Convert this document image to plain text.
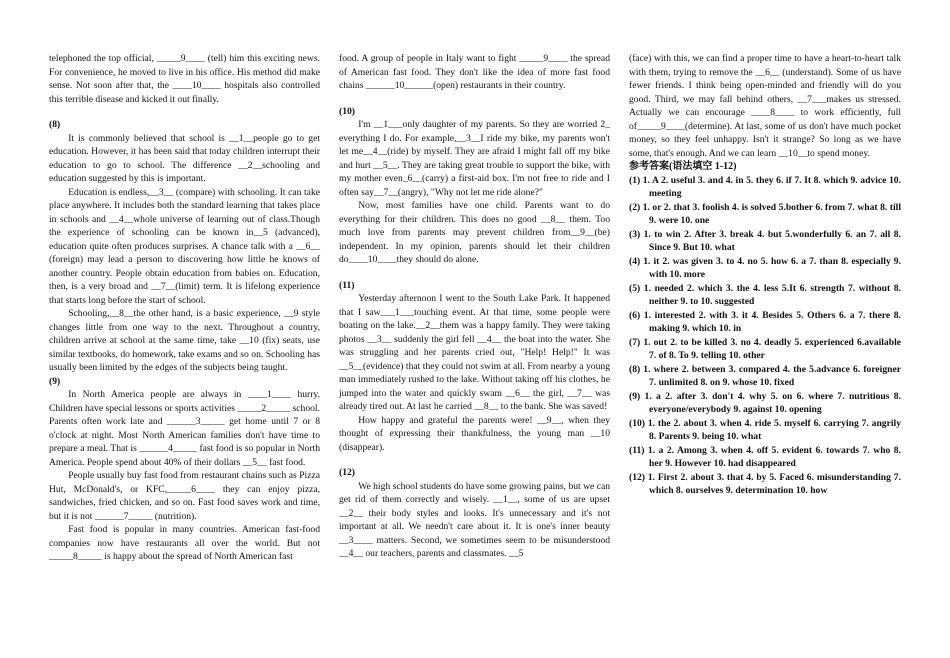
telephoned the top official, _____9____ (tell) him this exciting news. For convenience, he moved to live in his office. His method did make sense. Not soon after that, the ____10____ hospitals also controlled this terrible disease and kicked it out finally.

(8)

It is commonly believed that school is __1__people go to get education. However, it has been said that today children interrupt their education to go to school. The difference __2__schooling and education suggested by this is important.

Education is endless,__3__ (compare) with schooling. It can take place anywhere. It includes both the standard learning that takes place in schools and __4__whole universe of learning out of class.Though the experience of schooling can be known in__5 (advanced), education quite often produces surprises. A chance talk with a __6__ (foreign) may lead a person to discovering how little he knows of another country. People obtain education from babies on. Education, then, is a very broad and __7__(limit) term. It is lifelong experience that starts long before the start of school.

Schooling,__8__the other hand, is a basic experience, __9 style changes little from one way to the next. Throughout a country, children arrive at school at the same time, take __10 (fix) seats, use similar textbooks, do homework, take exams and so on. Schooling has usually been limited by the edges of the subjects being taught.

(9)

In North America people are always in ____1____ hurry. Children have special lessons or sports activities _____2_____ school. Parents often work late and ______3_____ get home until 7 or 8 o'clock at night. Most North American families don't have time to prepare a meal. That is ______4_____ fast food is so popular in North America. People spend about 40% of their dollars __5__ fast food.

People usually buy fast food from restaurant chains such as Pizza Hut, McDonald's, or KFC,_____6____ they can enjoy pizza, sandwiches, fried chicken, and so on. Fast food saves work and time, but it is not ______7_____ (nutrition).

Fast food is popular in many countries. American fast-food companies now have restaurants all over the world. But not _____8_____ is happy about the spread of North American fast

food. A group of people in Italy want to fight _____9____ the spread of American fast food. They don't like the idea of more fast food chains ______10______(open) restaurants in their country.

(10)

I'm __1___only daughter of my parents. So they are worried 2_ everything I do. For example,__3__I ride my bike, my parents won't let me__4__(ride) by myself. They are afraid I might fall off my bike and hurt __5__. They are taking great trouble to support the bike, with my mother even_6__(carry) a first-aid box. I'm not free to ride and I often say__7__(angry), "Why not let me ride alone?"

Now, most families have one child. Parents want to do everything for their children. This does no good __8__ them. Too much love from parents may prevent children from__9__(be) independent. In my opinion, parents should let their children do____10____they should do alone.

(11)

Yesterday afternoon I went to the South Lake Park. It happened that I saw___1___touching event. At that time, some people were boating on the lake.__2__them was a happy family. They were taking photos __3__ suddenly the girl fell __4__ the boat into the water. She was struggling and her parents cried out, "Help! Help!" It was __5__(evidence) that they could not swim at all. From nearby a young man immediately rushed to the lake. Without taking off his clothes, he jumped into the water and quickly swam __6__ the girl, __7__ was already tired out. At last he carried __8__ to the bank. She was saved!

How happy and grateful the parents were! __9__, when they thought of expressing their thankfulness, the young man __10 (disappear).

(12)

We high school students do have some growing pains, but we can get rid of them correctly and wisely. __1__, some of us are upset __2__ their body styles and looks. It's unnecessary and it's not important at all. We needn't care about it. It is one's inner beauty __3____ matters. Second, we sometimes seem to be misunderstood __4__ our teachers, parents and classmates. __5

(face) with this, we can find a proper time to have a heart-to-heart talk with them, trying to remove the __6__ (understand). Some of us have fewer friends. I think being open-minded and friendly will do you good. Third, we may fall behind others, __7___makes us stressed. Actually we can encourage ____8____ to work efficiently, full of_____9____(determine). At last, some of us don't have much pocket money, so they feel unhappy. Isn't it strange? So long as we have some, that's enough. And we can learn __10__to spend money.

参考答案(语法填空 1-12)

(1) 1. A 2. useful 3. and 4. in 5. they 6. if 7. It 8. which 9. advice 10. meeting

(2) 1. or 2. that 3. foolish 4. is solved 5.bother 6. from 7. what 8. till 9. were 10. one

(3) 1. to win 2. After 3. break 4. but 5.wonderfully 6. an 7. all 8. Since 9. But 10. what

(4) 1. it 2. was given 3. to 4. no 5. how 6. a 7. than 8. especially 9. with 10. more

(5) 1. needed 2. which 3. the 4. less 5.It 6. strength 7. without 8. neither 9. to 10. suggested

(6) 1. interested 2. with 3. it 4. Besides 5. Others 6. a 7. there 8. making 9. which 10. in

(7) 1. out 2. to be killed 3. no 4. deadly 5. experienced 6.available 7. of 8. To 9. telling 10. other

(8) 1. where 2. between 3. compared 4. the 5.advance 6. foreigner 7. unlimited 8. on 9. whose 10. fixed

(9) 1. a 2. after 3. don't 4. why 5. on 6. where 7. nutritious 8. everyone/everybody 9. against 10. opening

(10) 1. the 2. about 3. when 4. ride 5. myself 6. carrying 7. angrily 8. Parents 9. being 10. what

(11) 1. a 2. Among 3. when 4. off 5. evident 6. towards 7. who 8. her 9. However 10. had disappeared

(12) 1. First 2. about 3. that 4. by 5. Faced 6. misunderstanding 7. which 8. ourselves 9. determination 10. how
